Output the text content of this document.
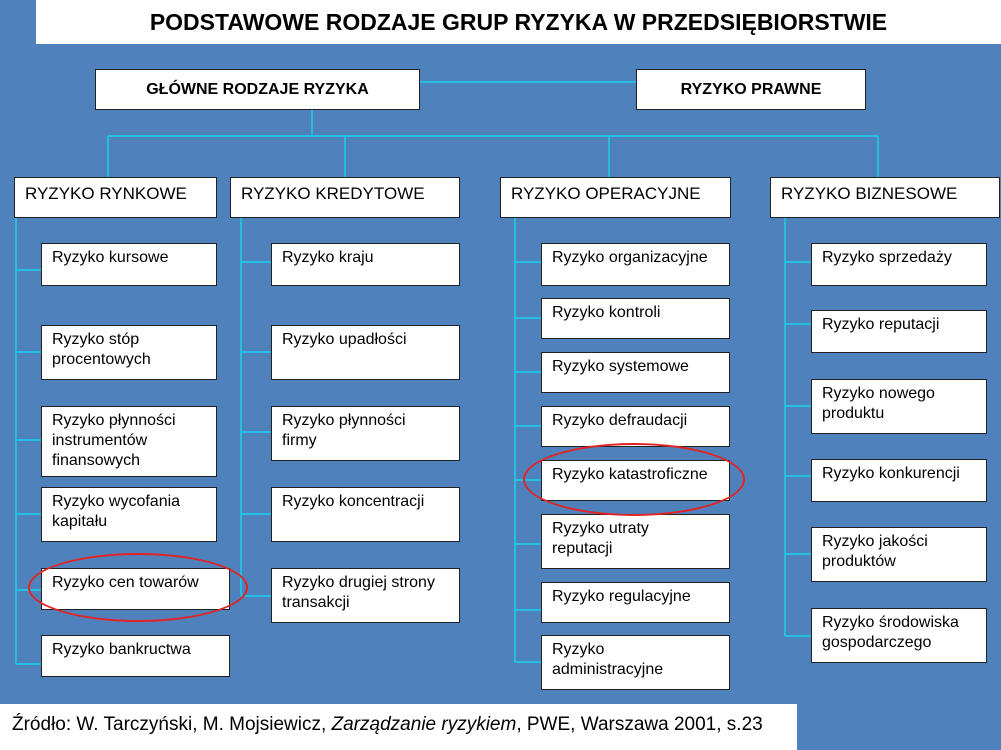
PODSTAWOWE RODZAJE GRUP RYZYKA W PRZEDSIĘBIORSTWIE
GŁÓWNE RODZAJE RYZYKA	RYZYKO PRAWNE
RYZYKO RYNKOWE	RYZYKO KREDYTOWE	RYZYKO OPERACYJNE	RYZYKO BIZNESOWE
Ryzyko kursowe
Ryzyko stóp
procentowych
Ryzyko płynności
instrumentów
finansowych
Ryzyko wycofania
kapitału
Ryzyko cen towarów
Ryzyko bankructwa
Ryzyko kraju
Ryzyko upadłości
Ryzyko płynności
firmy
Ryzyko koncentracji
Ryzyko drugiej strony
transakcji
Ryzyko organizacyjne
Ryzyko kontroli
Ryzyko systemowe
Ryzyko defraudacji
Ryzyko katastroficzne
Ryzyko utraty
reputacji
Ryzyko regulacyjne
Ryzyko
administracyjne
Ryzyko sprzedaży
Ryzyko reputacji
Ryzyko nowego
produktu
Ryzyko konkurencji
Ryzyko jakości
produktów
Ryzyko środowiska
gospodarczego
Źródło: W. Tarczyński, M. Mojsiewicz, Zarządzanie ryzykiem, PWE, Warszawa 2001, s.23
